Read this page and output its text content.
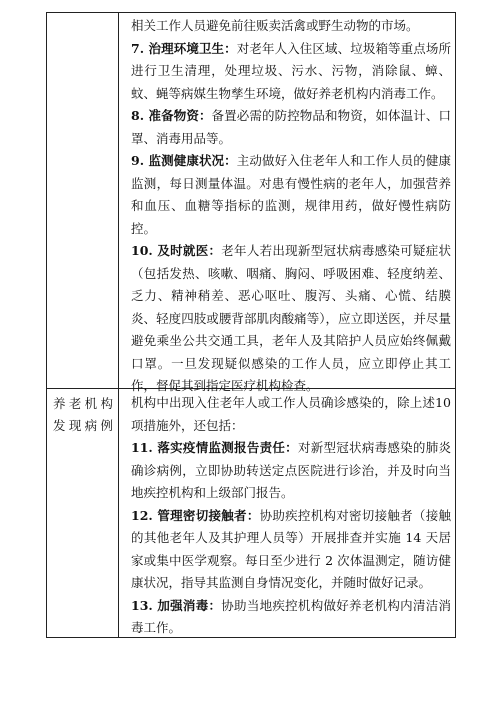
相关工作人员避免前往贩卖活禽或野生动物的市场。

7. 治理环境卫生：对老年人入住区域、垃圾箱等重点场所进行卫生清理，处理垃圾、污水、污物，消除鼠、蟑、蚊、蝇等病媒生物孳生环境，做好养老机构内消毒工作。

8. 准备物资：备置必需的防控物品和物资，如体温计、口罩、消毒用品等。

9. 监测健康状况：主动做好入住老年人和工作人员的健康监测，每日测量体温。对患有慢性病的老年人，加强营养和血压、血糖等指标的监测，规律用药，做好慢性病防控。

10. 及时就医：老年人若出现新型冠状病毒感染可疑症状（包括发热、咳嗽、咽痛、胸闷、呼吸困难、轻度纳差、乏力、精神稍差、恶心呕吐、腹泻、头痛、心慌、结膜炎、轻度四肢或腰背部肌肉酸痛等），应立即送医，并尽量避免乘坐公共交通工具，老年人及其陪护人员应始终佩戴口罩。一旦发现疑似感染的工作人员，应立即停止其工作，督促其到指定医疗机构检查。

养老机构发现病例

机构中出现入住老年人或工作人员确诊感染的，除上述10项措施外，还包括：

11. 落实疫情监测报告责任：对新型冠状病毒感染的肺炎确诊病例，立即协助转送定点医院进行诊治，并及时向当地疾控机构和上级部门报告。

12. 管理密切接触者：协助疾控机构对密切接触者（接触的其他老年人及其护理人员等）开展排查并实施 14 天居家或集中医学观察。每日至少进行 2 次体温测定，随访健康状况，指导其监测自身情况变化，并随时做好记录。

13. 加强消毒：协助当地疾控机构做好养老机构内清洁消毒工作。
